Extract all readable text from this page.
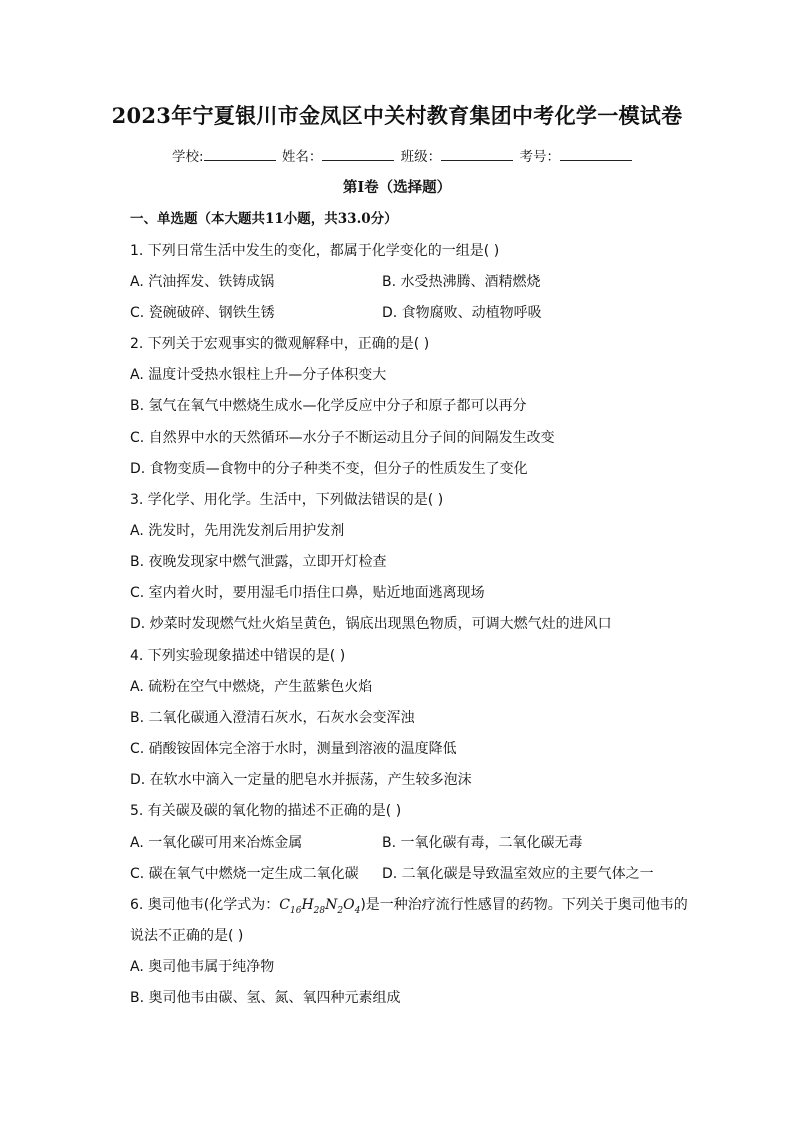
2023年宁夏银川市金凤区中关村教育集团中考化学一模试卷
学校:	姓名：	班级：	考号：
第I卷（选择题）
一、单选题（本大题共11小题，共33.0分）
1. 下列日常生活中发生的变化，都属于化学变化的一组是( )
A. 汽油挥发、铁铸成锅	B. 水受热沸腾、酒精燃烧
C. 瓷碗破碎、钢铁生锈	D. 食物腐败、动植物呼吸
2. 下列关于宏观事实的微观解释中，正确的是( )
A. 温度计受热水银柱上升—分子体积变大
B. 氢气在氧气中燃烧生成水—化学反应中分子和原子都可以再分
C. 自然界中水的天然循环—水分子不断运动且分子间的间隔发生改变
D. 食物变质—食物中的分子种类不变，但分子的性质发生了变化
3. 学化学、用化学。生活中，下列做法错误的是( )
A. 洗发时，先用洗发剂后用护发剂
B. 夜晚发现家中燃气泄露，立即开灯检查
C. 室内着火时，要用湿毛巾捂住口鼻，贴近地面逃离现场
D. 炒菜时发现燃气灶火焰呈黄色，锅底出现黑色物质，可调大燃气灶的进风口
4. 下列实验现象描述中错误的是( )
A. 硫粉在空气中燃烧，产生蓝紫色火焰
B. 二氧化碳通入澄清石灰水，石灰水会变浑浊
C. 硝酸铵固体完全溶于水时，测量到溶液的温度降低
D. 在软水中滴入一定量的肥皂水并振荡，产生较多泡沫
5. 有关碳及碳的氧化物的描述不正确的是( )
A. 一氧化碳可用来冶炼金属	B. 一氧化碳有毒，二氧化碳无毒
C. 碳在氧气中燃烧一定生成二氧化碳 D. 二氧化碳是导致温室效应的主要气体之一
6. 奥司他韦(化学式为：$C_{16}H_{28}N_2O_4$)是一种治疗流行性感冒的药物。下列关于奥司他韦的
说法不正确的是( )
A. 奥司他韦属于纯净物
B. 奥司他韦由碳、氢、氮、氧四种元素组成
